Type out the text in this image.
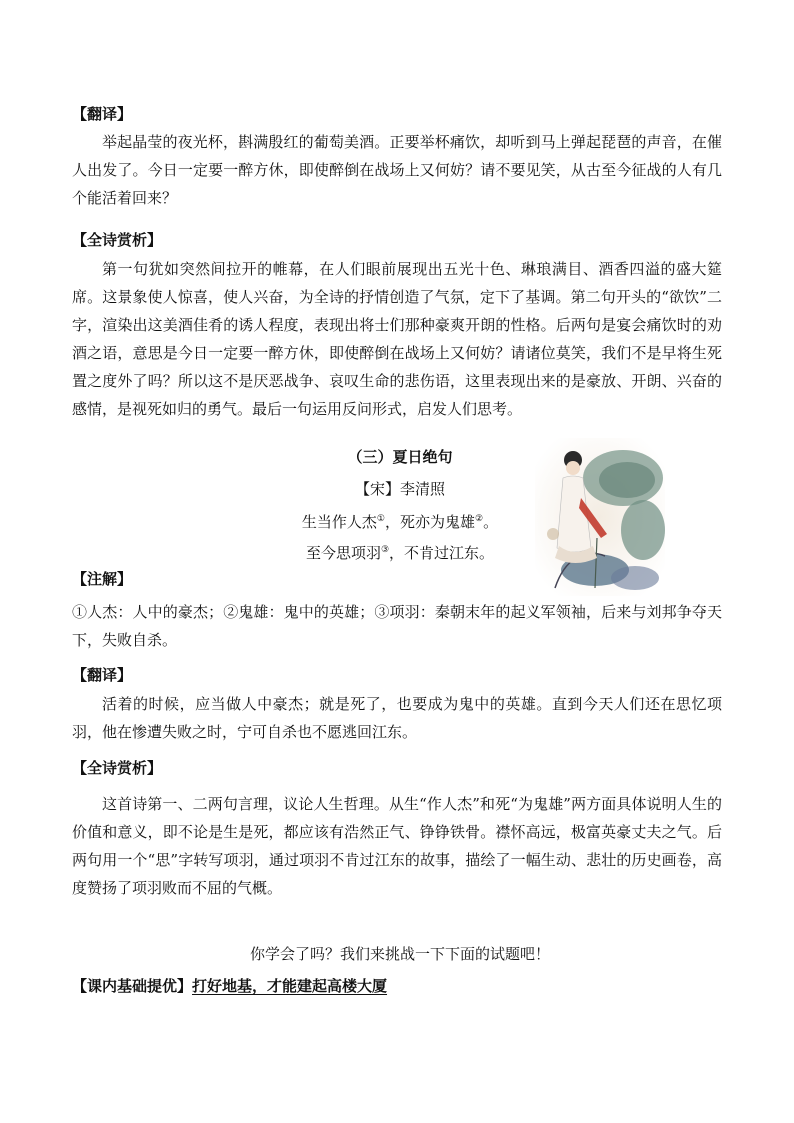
【翻译】
举起晶莹的夜光杯，斟满殷红的葡萄美酒。正要举杯痛饮，却听到马上弹起琵琶的声音，在催人出发了。今日一定要一醉方休，即使醉倒在战场上又何妨？请不要见笑，从古至今征战的人有几个能活着回来？
【全诗赏析】
第一句犹如突然间拉开的帷幕，在人们眼前展现出五光十色、琳琅满目、酒香四溢的盛大筵席。这景象使人惊喜，使人兴奋，为全诗的抒情创造了气氛，定下了基调。第二句开头的“欲饮”二字，渲染出这美酒佳肴的诱人程度，表现出将士们那种豪爽开朗的性格。后两句是宴会痛饮时的劝酒之语，意思是今日一定要一醉方休，即使醉倒在战场上又何妨？请诸位莫笑，我们不是早将生死置之度外了吗？所以这不是厌恶战争、哀叹生命的悲伤语，这里表现出来的是豪放、开朗、兴奋的感情，是视死如归的勇气。最后一句运用反问形式，启发人们思考。
（三）夏日绝句
【宋】李清照
生当作人杰①，死亦为鬼雄②。
至今思项羽③，不肯过江东。
【注解】
①人杰：人中的豪杰；②鬼雄：鬼中的英雄；③项羽：秦朝末年的起义军领袖，后来与刘邦争夺天下，失败自杀。
【翻译】
活着的时候，应当做人中豪杰；就是死了，也要成为鬼中的英雄。直到今天人们还在思忆项羽，他在惨遭失败之时，宁可自杀也不愿逃回江东。
【全诗赏析】
这首诗第一、二两句言理，议论人生哲理。从生“作人杰”和死“为鬼雄”两方面具体说明人生的价值和意义，即不论是生是死，都应该有浩然正气、铮铮铁骨。襟怀高远，极富英豪丈夫之气。后两句用一个“思”字转写项羽，通过项羽不肯过江东的故事，描绘了一幅生动、悲壮的历史画卷，高度赞扬了项羽败而不屈的气概。
你学会了吗？我们来挑战一下下面的试题吧！
【课内基础提优】打好地基，才能建起高楼大厦
